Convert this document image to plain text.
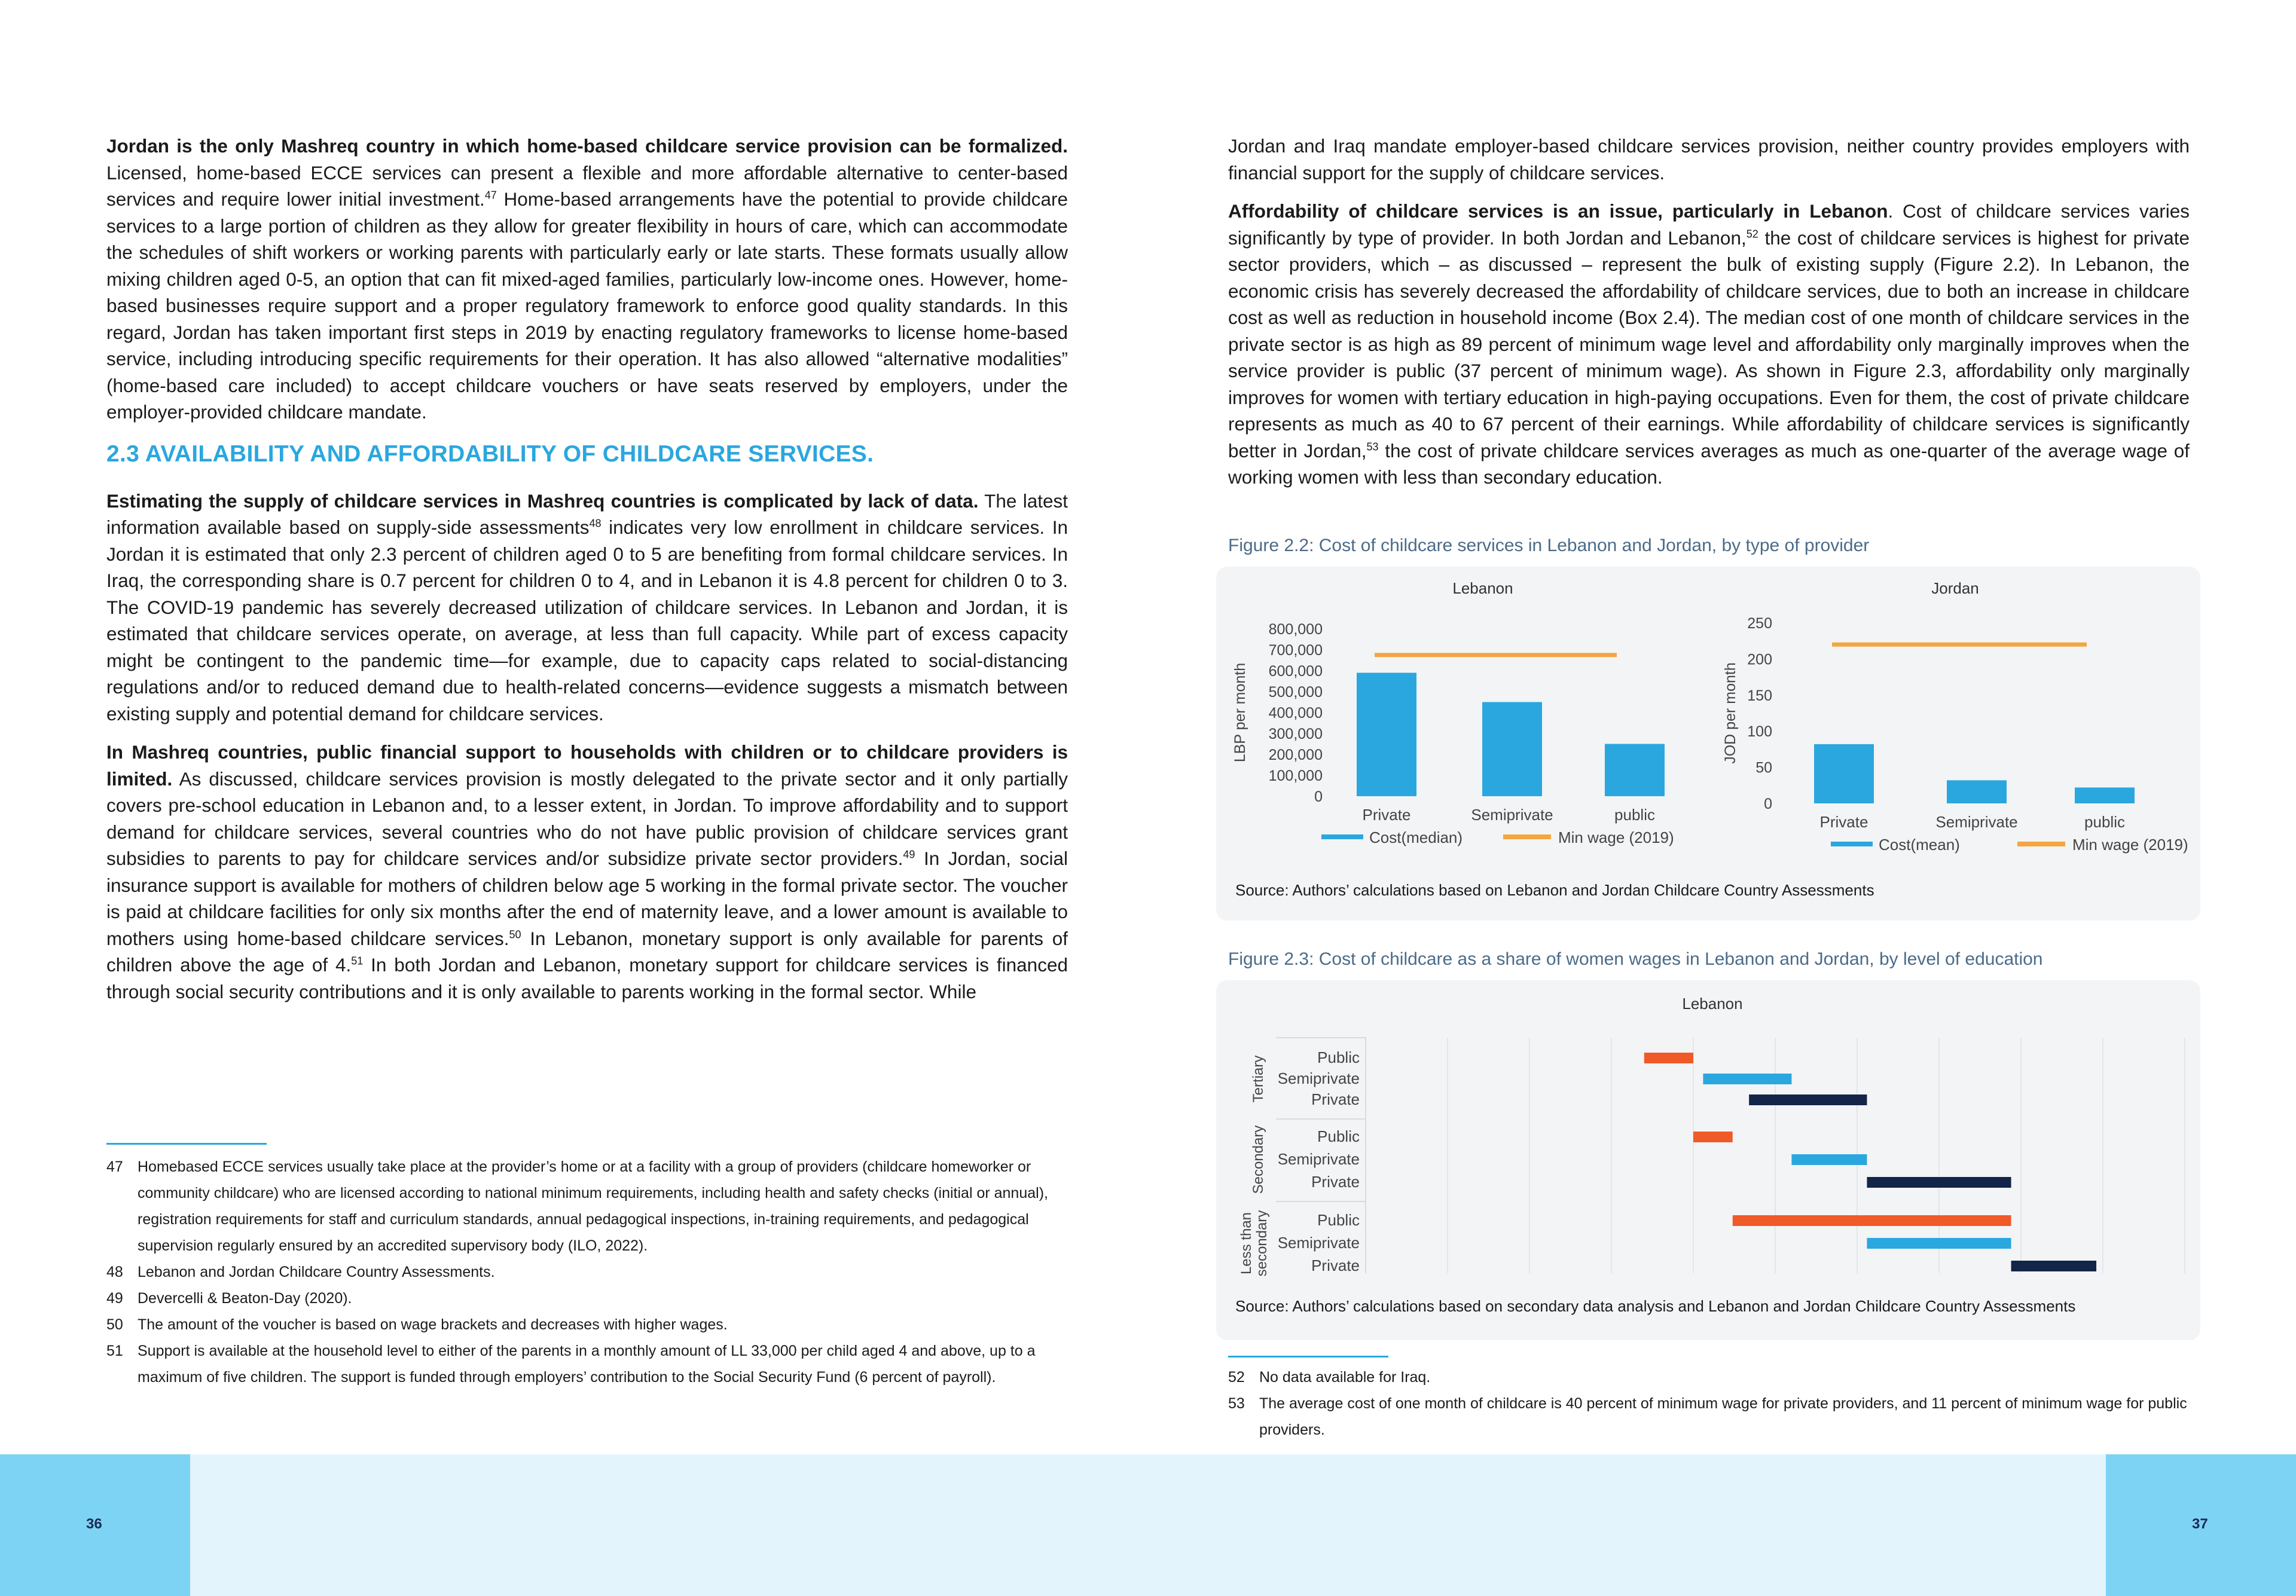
Jordan is the only Mashreq country in which home-based childcare service provision can be formalized. Licensed, home-based ECCE services can present a flexible and more affordable alternative to center-based services and require lower initial investment.$^{47}$ Home-based arrangements have the potential to provide childcare services to a large portion of children as they allow for greater flexibility in hours of care, which can accommodate the schedules of shift workers or working parents with particularly early or late starts. These formats usually allow mixing children aged 0-5, an option that can fit mixed-aged families, particularly low-income ones. However, home-based businesses require support and a proper regulatory framework to enforce good quality standards. In this regard, Jordan has taken important first steps in 2019 by enacting regulatory frameworks to license home-based service, including introducing specific requirements for their operation. It has also allowed “alternative modalities” (home-based care included) to accept childcare vouchers or have seats reserved by employers, under the employer-provided childcare mandate.

2.3 AVAILABILITY AND AFFORDABILITY OF CHILDCARE SERVICES.

Estimating the supply of childcare services in Mashreq countries is complicated by lack of data. The latest information available based on supply-side assessments$^{48}$ indicates very low enrollment in childcare services. In Jordan it is estimated that only 2.3 percent of children aged 0 to 5 are benefiting from formal childcare services. In Iraq, the corresponding share is 0.7 percent for children 0 to 4, and in Lebanon it is 4.8 percent for children 0 to 3. The COVID-19 pandemic has severely decreased utilization of childcare services. In Lebanon and Jordan, it is estimated that childcare services operate, on average, at less than full capacity. While part of excess capacity might be contingent to the pandemic time—for example, due to capacity caps related to social-distancing regulations and/or to reduced demand due to health-related concerns—evidence suggests a mismatch between existing supply and potential demand for childcare services.

In Mashreq countries, public financial support to households with children or to childcare providers is limited. As discussed, childcare services provision is mostly delegated to the private sector and it only partially covers pre-school education in Lebanon and, to a lesser extent, in Jordan. To improve affordability and to support demand for childcare services, several countries who do not have public provision of childcare services grant subsidies to parents to pay for childcare services and/or subsidize private sector providers.$^{49}$ In Jordan, social insurance support is available for mothers of children below age 5 working in the formal private sector. The voucher is paid at childcare facilities for only six months after the end of maternity leave, and a lower amount is available to mothers using home-based childcare services.$^{50}$ In Lebanon, monetary support is only available for parents of children above the age of 4.51 In both Jordan and Lebanon, monetary support for childcare services is financed through social security contributions and it is only available to parents working in the formal sector. While

47 Homebased ECCE services usually take place at the provider’s home or at a facility with a group of providers (childcare homeworker or community childcare) who are licensed according to national minimum requirements, including health and safety checks (initial or annual), registration requirements for staff and curriculum standards, annual pedagogical inspections, in-training requirements, and pedagogical supervision regularly ensured by an accredited supervisory body (ILO, 2022).
48 Lebanon and Jordan Childcare Country Assessments.
49 Devercelli & Beaton-Day (2020).
50 The amount of the voucher is based on wage brackets and decreases with higher wages.
51 Support is available at the household level to either of the parents in a monthly amount of LL 33,000 per child aged 4 and above, up to a maximum of five children. The support is funded through employers’ contribution to the Social Security Fund (6 percent of payroll).

Jordan and Iraq mandate employer-based childcare services provision, neither country provides employers with financial support for the supply of childcare services.

Affordability of childcare services is an issue, particularly in Lebanon. Cost of childcare services varies significantly by type of provider. In both Jordan and Lebanon,$^{52}$ the cost of childcare services is highest for private sector providers, which – as discussed – represent the bulk of existing supply (Figure 2.2). In Lebanon, the economic crisis has severely decreased the affordability of childcare services, due to both an increase in childcare cost as well as reduction in household income (Box 2.4). The median cost of one month of childcare services in the private sector is as high as 89 percent of minimum wage level and affordability only marginally improves when the service provider is public (37 percent of minimum wage). As shown in Figure 2.3, affordability only marginally improves for women with tertiary education in high-paying occupations. Even for them, the cost of private childcare represents as much as 40 to 67 percent of their earnings. While affordability of childcare services is significantly better in Jordan,$^{53}$ the cost of private childcare services averages as much as one-quarter of the average wage of working women with less than secondary education.

Figure 2.2: Cost of childcare services in Lebanon and Jordan, by type of provider
Lebanon
800,000
700,000
600,000
500,000
400,000
300,000
200,000
100,000
0
LBP per month
Private	Semiprivate	public
Cost(median)	Min wage (2019)
Jordan
250
200
150
100
50
0
JOD per month
Private	Semiprivate	public
Cost(mean)	Min wage (2019)
Source: Authors’ calculations based on Lebanon and Jordan Childcare Country Assessments
Figure 2.3: Cost of childcare as a share of women wages in Lebanon and Jordan, by level of education
Lebanon
Public
Semiprivate
Private
Public
Semiprivate
Private
Public
Semiprivate
Private
Tertiary
Secondary
Less than secondary
Source: Authors’ calculations based on secondary data analysis and Lebanon and Jordan Childcare Country Assessments
52 No data available for Iraq.
53 The average cost of one month of childcare is 40 percent of minimum wage for private providers, and 11 percent of minimum wage for public providers.
36	37
